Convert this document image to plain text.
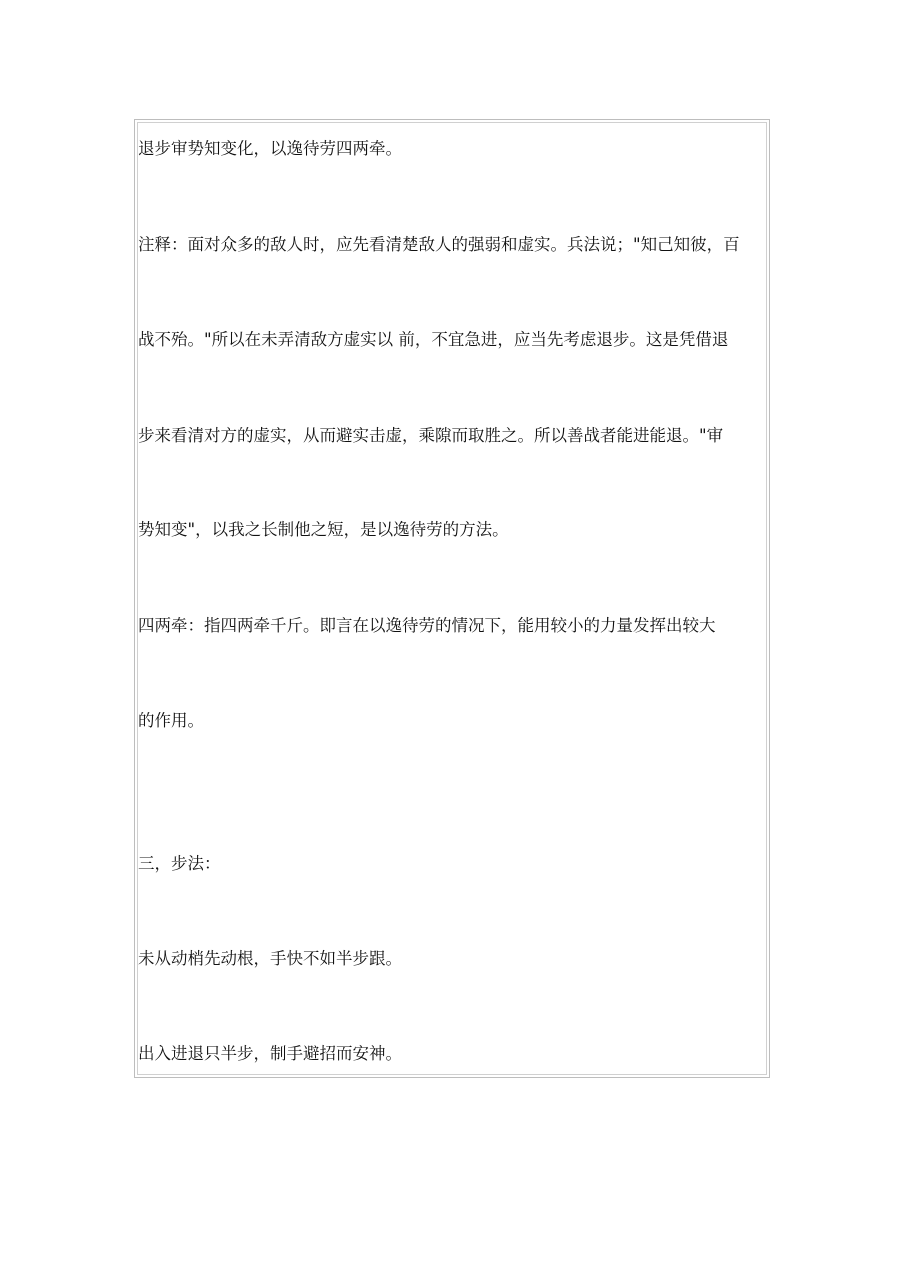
退步审势知变化，以逸待劳四两牵。
注释：面对众多的敌人时，应先看清楚敌人的强弱和虚实。兵法说；"知己知彼，百
战不殆。"所以在未弄清敌方虚实以 前，不宜急进，应当先考虑退步。这是凭借退
步来看清对方的虚实，从而避实击虚，乘隙而取胜之。所以善战者能进能退。"审
势知变"，以我之长制他之短，是以逸待劳的方法。
四两牵：指四两牵千斤。即言在以逸待劳的情况下，能用较小的力量发挥出较大
的作用。
三，步法：
未从动梢先动根，手快不如半步跟。
出入进退只半步，制手避招而安神。
